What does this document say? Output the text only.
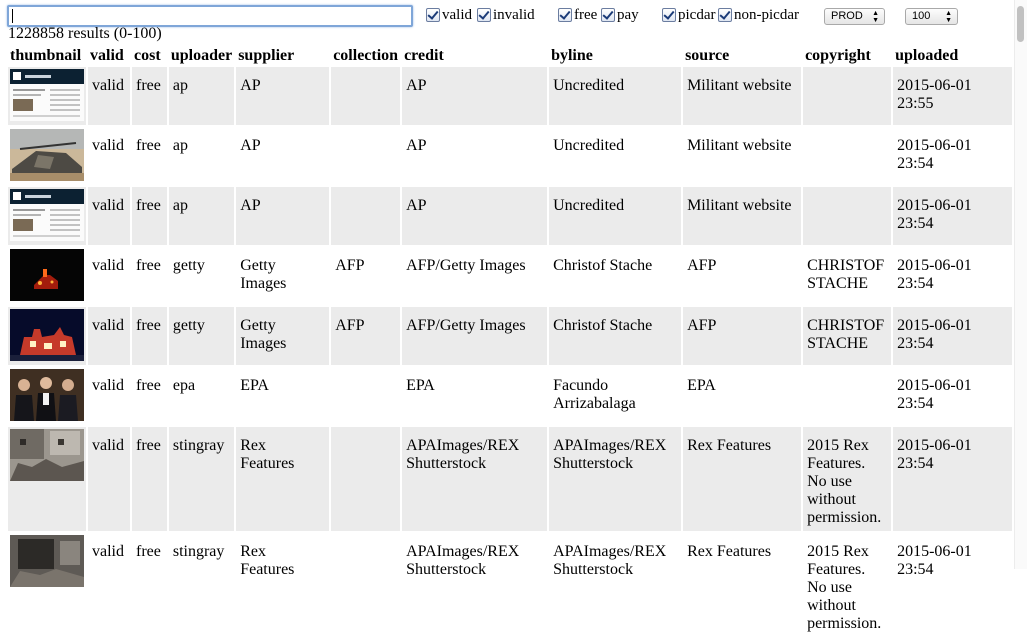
valid invalid	free pay	picdar non-picdar	PROD ▲
▼	100 ▲
▼
1228858 results (0-100)
thumbnail	valid	cost	uploader	supplier	collection	credit	byline	source	copyright	uploaded

	valid	free	ap	AP		AP	Uncredited	Militant website		2015-06-01 23:55

	valid	free	ap	AP		AP	Uncredited	Militant website		2015-06-01 23:54

	valid	free	ap	AP		AP	Uncredited	Militant website		2015-06-01 23:54

	valid	free	getty	Getty Images	AFP	AFP/Getty Images	Christof Stache	AFP	CHRISTOF STACHE	2015-06-01 23:54

	valid	free	getty	Getty Images	AFP	AFP/Getty Images	Christof Stache	AFP	CHRISTOF STACHE	2015-06-01 23:54

	valid	free	epa	EPA		EPA	Facundo Arrizabalaga	EPA		2015-06-01 23:54

	valid	free	stingray	Rex Features		APAImages/REX Shutterstock	APAImages/REX Shutterstock	Rex Features	2015 Rex Features. No use without permission.	2015-06-01 23:54

	valid	free	stingray	Rex Features		APAImages/REX Shutterstock	APAImages/REX Shutterstock	Rex Features	2015 Rex Features. No use without permission.	2015-06-01 23:54
